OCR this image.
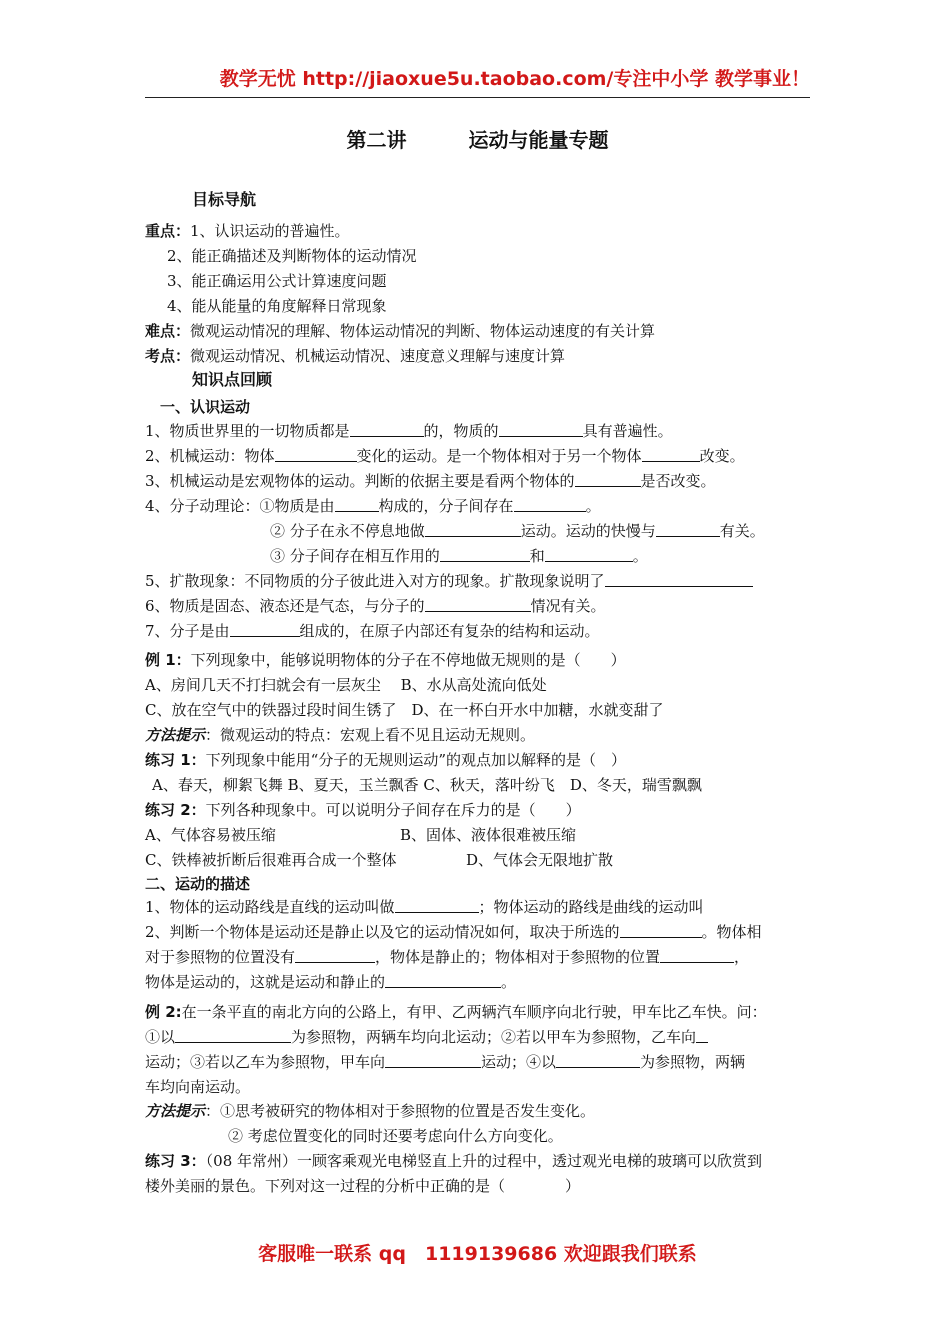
教学无忧 http://jiaoxue5u.taobao.com/专注中小学 教学事业！
第二讲	运动与能量专题
目标导航
重点：1、认识运动的普遍性。
2、能正确描述及判断物体的运动情况
3、能正确运用公式计算速度问题
4、能从能量的角度解释日常现象
难点：微观运动情况的理解、物体运动情况的判断、物体运动速度的有关计算
考点：微观运动情况、机械运动情况、速度意义理解与速度计算
知识点回顾
一、认识运动
1、物质世界里的一切物质都是	的，物质的	具有普遍性。
2、机械运动：物体	变化的运动。是一个物体相对于另一个物体	改变。
3、机械运动是宏观物体的运动。判断的依据主要是看两个物体的	是否改变。
4、分子动理论：①物质是由	构成的，分子间存在	。
② 分子在永不停息地做	运动。运动的快慢与	有关。
③ 分子间存在相互作用的	和	。
5、扩散现象：不同物质的分子彼此进入对方的现象。扩散现象说明了
6、物质是固态、液态还是气态，与分子的	情况有关。
7、分子是由	组成的，在原子内部还有复杂的结构和运动。
例 1：下列现象中，能够说明物体的分子在不停地做无规则的是（　　）
A、房间几天不打扫就会有一层灰尘　 B、水从高处流向低处
C、放在空气中的铁器过段时间生锈了　D、在一杯白开水中加糖，水就变甜了
方法提示：微观运动的特点：宏观上看不见且运动无规则。
练习 1：下列现象中能用“分子的无规则运动”的观点加以解释的是（　）
A、春天，柳絮飞舞 B、夏天，玉兰飘香 C、秋天，落叶纷飞　D、冬天，瑞雪飘飘
练习 2：下列各种现象中。可以说明分子间存在斥力的是（　　）
A、气体容易被压缩	B、固体、液体很难被压缩
C、铁棒被折断后很难再合成一个整体	D、气体会无限地扩散
二、运动的描述
1、物体的运动路线是直线的运动叫做	；物体运动的路线是曲线的运动叫
2、判断一个物体是运动还是静止以及它的运动情况如何，取决于所选的	。物体相
对于参照物的位置没有	，物体是静止的；物体相对于参照物的位置	，
物体是运动的，这就是运动和静止的	。
例 2:在一条平直的南北方向的公路上，有甲、乙两辆汽车顺序向北行驶，甲车比乙车快。问：
①以	为参照物，两辆车均向北运动；②若以甲车为参照物，乙车向
运动；③若以乙车为参照物，甲车向	运动；④以	为参照物，两辆
车均向南运动。
方法提示：①思考被研究的物体相对于参照物的位置是否发生变化。
② 考虑位置变化的同时还要考虑向什么方向变化。
练习 3：（08 年常州）一顾客乘观光电梯竖直上升的过程中，透过观光电梯的玻璃可以欣赏到
楼外美丽的景色。下列对这一过程的分析中正确的是（　　　　）
客服唯一联系 qq　1119139686 欢迎跟我们联系
